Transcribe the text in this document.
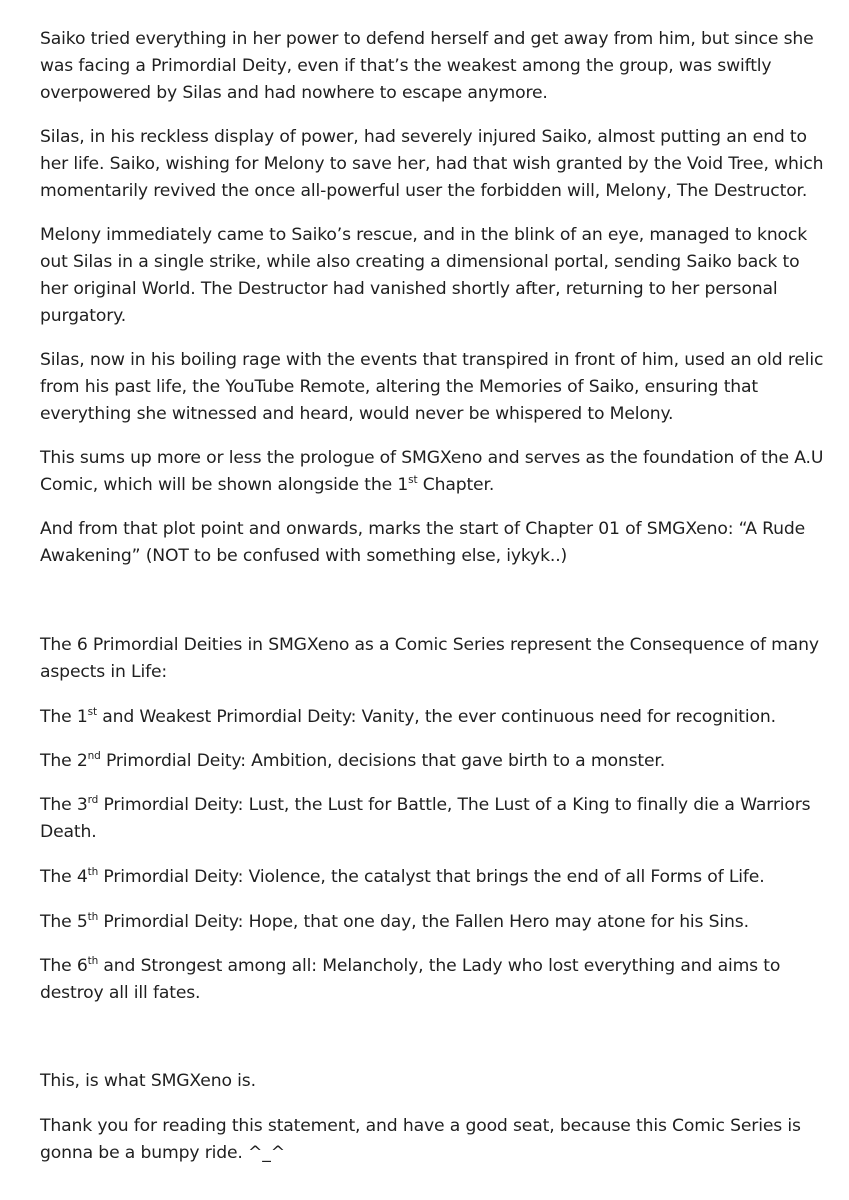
Saiko tried everything in her power to defend herself and get away from him, but since she was facing a Primordial Deity, even if that’s the weakest among the group, was swiftly overpowered by Silas and had nowhere to escape anymore.

Silas, in his reckless display of power, had severely injured Saiko, almost putting an end to her life. Saiko, wishing for Melony to save her, had that wish granted by the Void Tree, which momentarily revived the once all-powerful user the forbidden will, Melony, The Destructor.

Melony immediately came to Saiko’s rescue, and in the blink of an eye, managed to knock out Silas in a single strike, while also creating a dimensional portal, sending Saiko back to her original World. The Destructor had vanished shortly after, returning to her personal purgatory.

Silas, now in his boiling rage with the events that transpired in front of him, used an old relic from his past life, the YouTube Remote, altering the Memories of Saiko, ensuring that everything she witnessed and heard, would never be whispered to Melony.

This sums up more or less the prologue of SMGXeno and serves as the foundation of the A.U Comic, which will be shown alongside the 1st Chapter.

And from that plot point and onwards, marks the start of Chapter 01 of SMGXeno: “A Rude Awakening” (NOT to be confused with something else, iykyk..)

The 6 Primordial Deities in SMGXeno as a Comic Series represent the Consequence of many aspects in Life:

The 1st and Weakest Primordial Deity: Vanity, the ever continuous need for recognition.

The 2nd Primordial Deity: Ambition, decisions that gave birth to a monster.

The 3rd Primordial Deity: Lust, the Lust for Battle, The Lust of a King to finally die a Warriors Death.

The 4th Primordial Deity: Violence, the catalyst that brings the end of all Forms of Life.

The 5th Primordial Deity: Hope, that one day, the Fallen Hero may atone for his Sins.

The 6th and Strongest among all: Melancholy, the Lady who lost everything and aims to destroy all ill fates.

This, is what SMGXeno is.

Thank you for reading this statement, and have a good seat, because this Comic Series is gonna be a bumpy ride. ^_^
